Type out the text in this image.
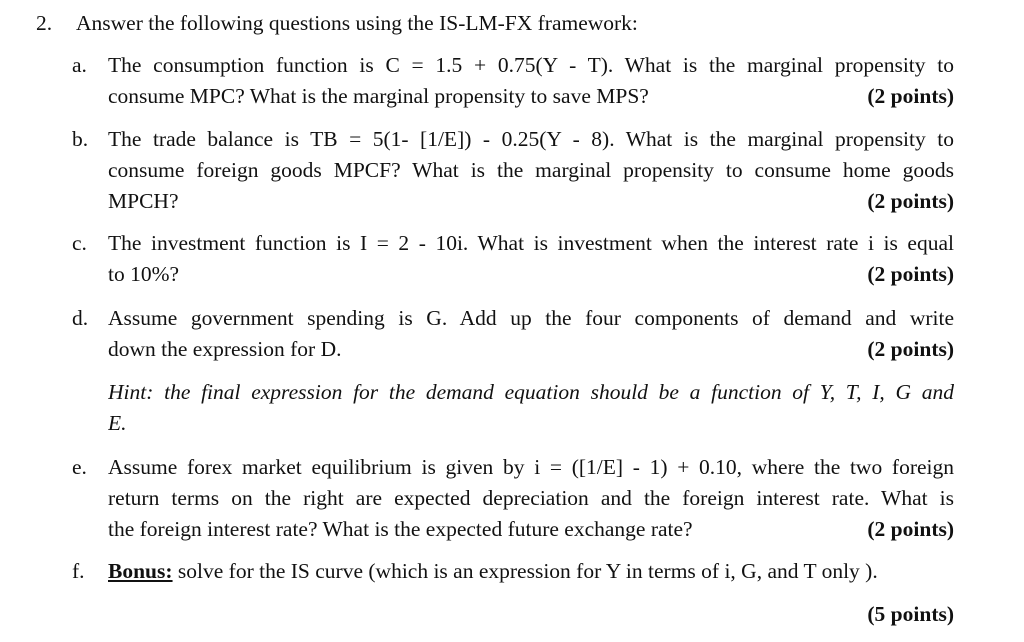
2. Answer the following questions using the IS-LM-FX framework:
a. The consumption function is C = 1.5 + 0.75(Y - T). What is the marginal propensity to
consume MPC? What is the marginal propensity to save MPS?	(2 points)
b. The trade balance is TB = 5(1- [1/E]) - 0.25(Y - 8). What is the marginal propensity to
consume foreign goods MPCF? What is the marginal propensity to consume home goods
MPCH?	(2 points)
c. The investment function is I = 2 - 10i. What is investment when the interest rate i is equal
to 10%?	(2 points)
d. Assume government spending is G. Add up the four components of demand and write
down the expression for D.	(2 points)
Hint: the final expression for the demand equation should be a function of Y, T, I, G and
E.
e. Assume forex market equilibrium is given by i = ([1/E] - 1) + 0.10, where the two foreign
return terms on the right are expected depreciation and the foreign interest rate. What is
the foreign interest rate? What is the expected future exchange rate?	(2 points)
f. Bonus: solve for the IS curve (which is an expression for Y in terms of i, G, and T only ).
(5 points)
